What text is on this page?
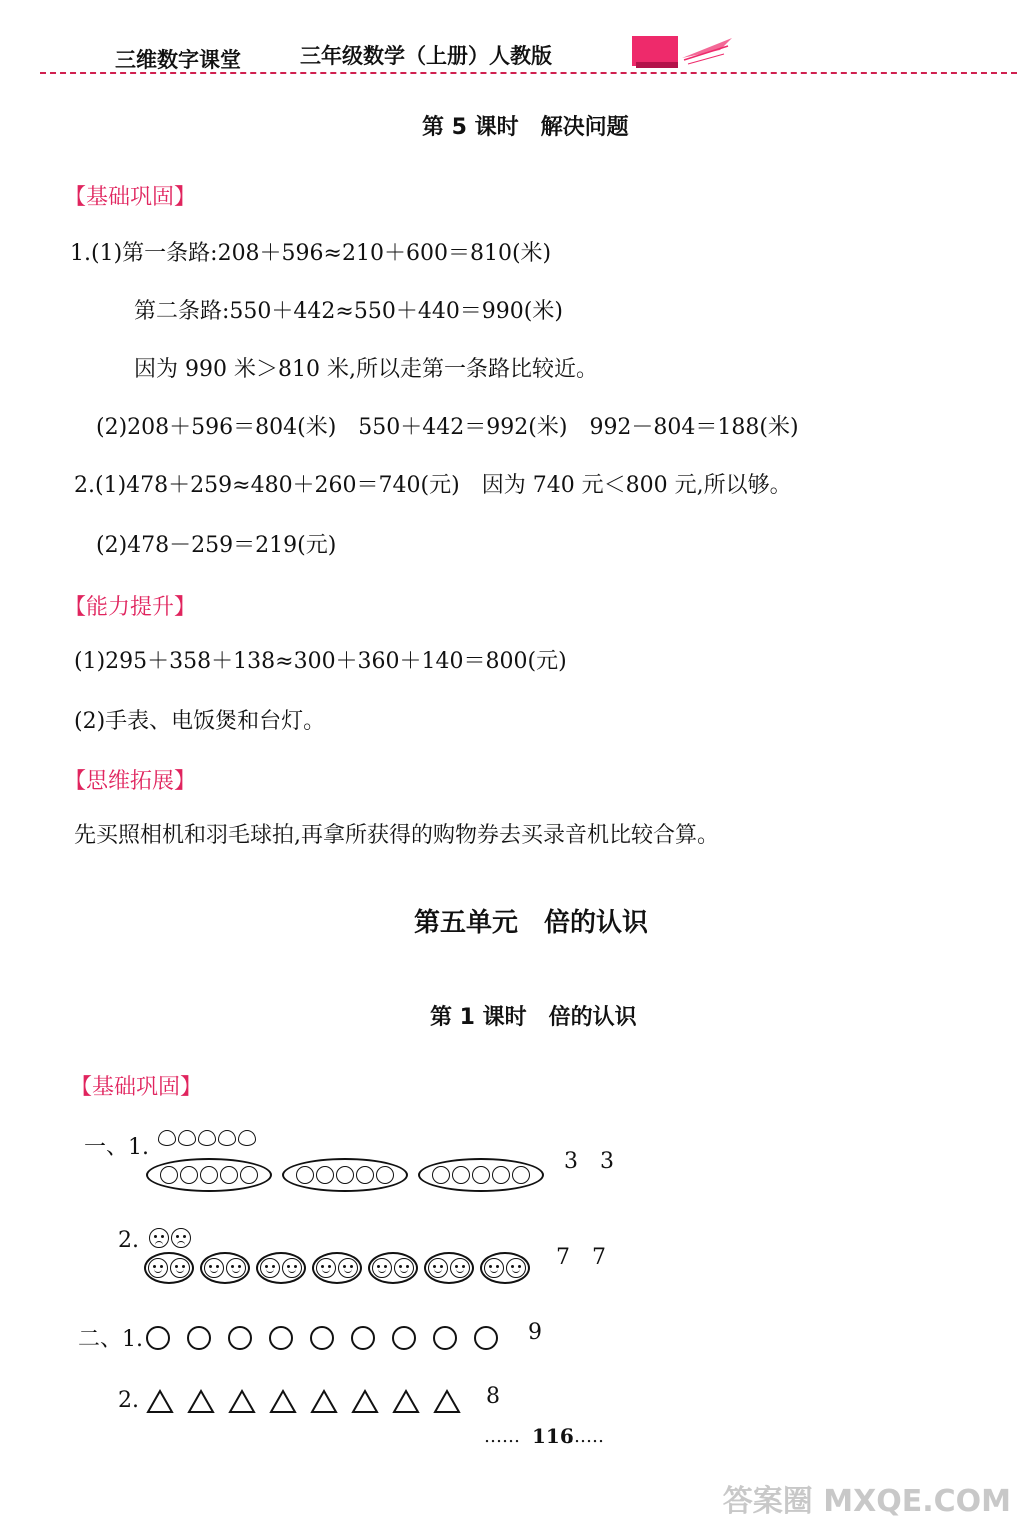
三维数字课堂	三年级数学（上册）人教版
第 5 课时　解决问题
【基础巩固】
1.(1)第一条路:208＋596≈210＋600＝810(米)
第二条路:550＋442≈550＋440＝990(米)
因为 990 米＞810 米,所以走第一条路比较近。
(2)208＋596＝804(米)　550＋442＝992(米)　992－804＝188(米)
2.(1)478＋259≈480＋260＝740(元)　因为 740 元＜800 元,所以够。
(2)478－259＝219(元)
【能力提升】
(1)295＋358＋138≈300＋360＋140＝800(元)
(2)手表、电饭煲和台灯。
【思维拓展】
先买照相机和羽毛球拍,再拿所获得的购物券去买录音机比较合算。
第五单元　倍的认识
第 1 课时　倍的认识
【基础巩固】
一、1.
3　3
2.
7　7
二、1.	9
2.	8
…… 116
……
答案圈 MXQE.COM
